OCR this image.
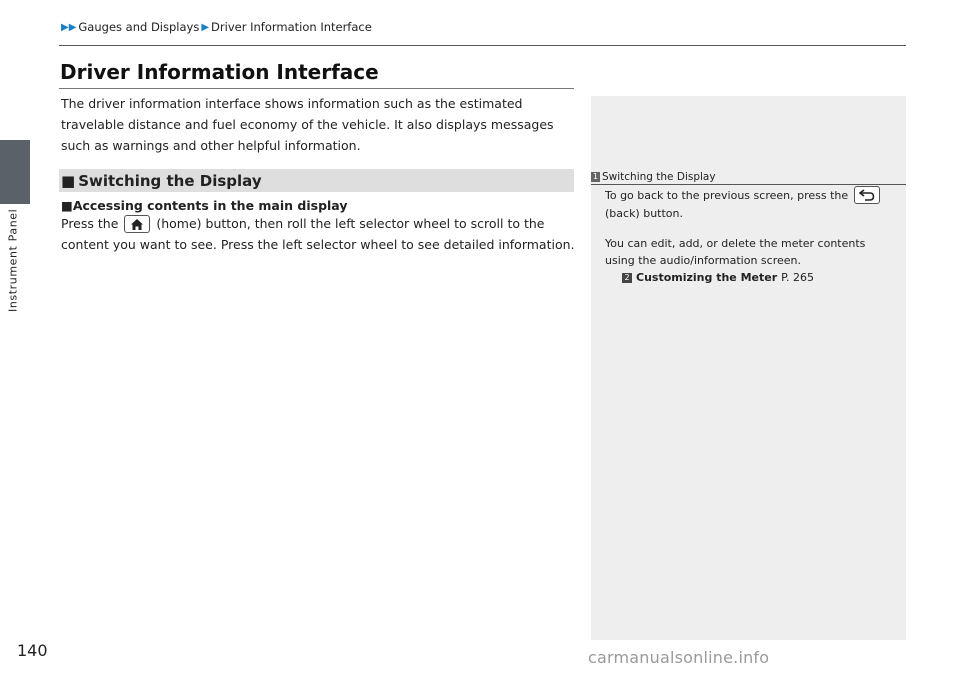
Instrument Panel
▶▶ Gauges and Displays ▶ Driver Information Interface
Driver Information Interface

The driver information interface shows information such as the estimated travelable distance and fuel economy of the vehicle. It also displays messages such as warnings and other helpful information.

■ Switching the Display
■Accessing contents in the main display

Press the	(home) button, then roll the left selector wheel to scroll to the content you want to see. Press the left selector wheel to see detailed information.

1 Switching the Display

To go back to the previous screen, press the
(back) button.

You can edit, add, or delete the meter contents using the audio/information screen.

2 Customizing the Meter P. 265
140	carmanualsonline.info
